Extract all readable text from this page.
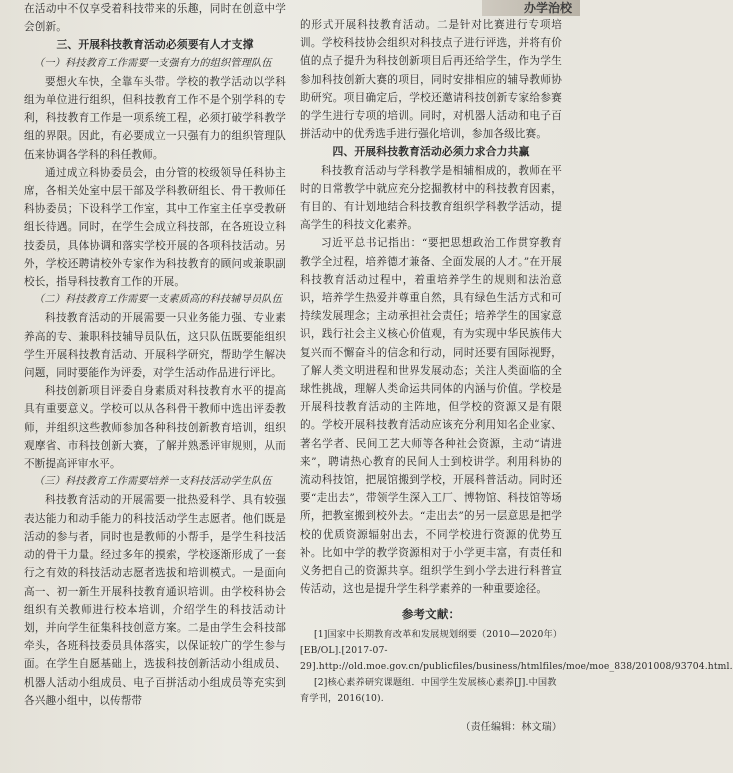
办学治校

在活动中不仅享受着科技带来的乐趣，同时在创意中学会创新。

三、开展科技教育活动必须要有人才支撑

（一）科技教育工作需要一支强有力的组织管理队伍

要想火车快，全靠车头带。学校的教学活动以学科组为单位进行组织，但科技教育工作不是个别学科的专利，科技教育工作是一项系统工程，必须打破学科教学组的界限。因此，有必要成立一只强有力的组织管理队伍来协调各学科的科任教师。

通过成立科协委员会，由分管的校级领导任科协主席，各相关处室中层干部及学科教研组长、骨干教师任科协委员；下设科学工作室，其中工作室主任享受教研组长待遇。同时，在学生会成立科技部，在各班设立科技委员，具体协调和落实学校开展的各项科技活动。另外，学校还聘请校外专家作为科技教育的顾问或兼职副校长，指导科技教育工作的开展。

（二）科技教育工作需要一支素质高的科技辅导员队伍

科技教育活动的开展需要一只业务能力强、专业素养高的专、兼职科技辅导员队伍，这只队伍既要能组织学生开展科技教育活动、开展科学研究，帮助学生解决问题，同时要能作为评委，对学生活动作品进行评比。

科技创新项目评委自身素质对科技教育水平的提高具有重要意义。学校可以从各科骨干教师中选出评委教师，并组织这些教师参加各种科技创新教育培训，组织观摩省、市科技创新大赛，了解并熟悉评审规则，从而不断提高评审水平。

（三）科技教育工作需要培养一支科技活动学生队伍

科技教育活动的开展需要一批热爱科学、具有较强表达能力和动手能力的科技活动学生志愿者。他们既是活动的参与者，同时也是教师的小帮手，是学生科技活动的骨干力量。经过多年的摸索，学校逐渐形成了一套行之有效的科技活动志愿者选拔和培训模式。一是面向高一、初一新生开展科技教育通识培训。由学校科协会组织有关教师进行校本培训，介绍学生的科技活动计划，并向学生征集科技创意方案。二是由学生会科技部牵头，各班科技委员具体落实，以保证较广的学生参与面。在学生自愿基础上，选拔科技创新活动小组成员、机器人活动小组成员、电子百拼活动小组成员等充实到各兴趣小组中，以传帮带

的形式开展科技教育活动。二是针对比赛进行专项培训。学校科技协会组织对科技点子进行评选，并将有价值的点子提升为科技创新项目后再还给学生，作为学生参加科技创新大赛的项目，同时安排相应的辅导教师协助研究。项目确定后，学校还邀请科技创新专家给参赛的学生进行专项的培训。同时，对机器人活动和电子百拼活动中的优秀选手进行强化培训，参加各级比赛。

四、开展科技教育活动必须力求合力共赢

科技教育活动与学科教学是相辅相成的，教师在平时的日常教学中就应充分挖掘教材中的科技教育因素，有目的、有计划地结合科技教育组织学科教学活动，提高学生的科技文化素养。

习近平总书记指出：“要把思想政治工作贯穿教育教学全过程，培养德才兼备、全面发展的人才。”在开展科技教育活动过程中，着重培养学生的规则和法治意识，培养学生热爱并尊重自然，具有绿色生活方式和可持续发展理念；主动承担社会责任；培养学生的国家意识，践行社会主义核心价值观，有为实现中华民族伟大复兴而不懈奋斗的信念和行动，同时还要有国际视野，了解人类文明进程和世界发展动态；关注人类面临的全球性挑战，理解人类命运共同体的内涵与价值。学校是开展科技教育活动的主阵地，但学校的资源又是有限的。学校开展科技教育活动应该充分利用知名企业家、著名学者、民间工艺大师等各种社会资源，主动“请进来”，聘请热心教育的民间人士到校讲学。利用科协的流动科技馆，把展馆搬到学校，开展科普活动。同时还要“走出去”，带领学生深入工厂、博物馆、科技馆等场所，把教室搬到校外去。“走出去”的另一层意思是把学校的优质资源辐射出去，不同学校进行资源的优势互补。比如中学的教学资源相对于小学更丰富，有责任和义务把自己的资源共享。组织学生到小学去进行科普宣传活动，这也是提升学生科学素养的一种重要途径。

参考文献：

[1]国家中长期教育改革和发展规划纲要（2010—2020年）[EB/OL].[2017-07-29].http://old.moe.gov.cn/publicfiles/business/htmlfiles/moe/moe_838/201008/93704.html.

[2]核心素养研究课题组．中国学生发展核心素养[J].中国教育学刊，2016(10).

（责任编辑：林文瑞）
